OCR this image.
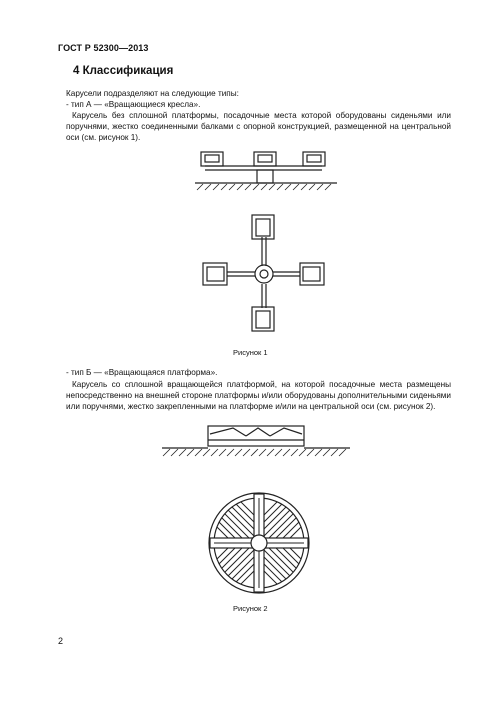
ГОСТ Р 52300—2013
4 Классификация
Карусели подразделяют на следующие типы:
- тип А — «Вращающиеся кресла».
Карусель без сплошной платформы, посадочные места которой оборудованы сиденьями или поручнями, жестко соединенными балками с опорной конструкцией, размещенной на центральной оси (см. рисунок 1).
Рисунок 1
- тип Б — «Вращающаяся платформа».
Карусель со сплошной вращающейся платформой, на которой посадочные места размещены непосредственно на внешней стороне платформы и/или оборудованы дополнительными сиденьями или поручнями, жестко закрепленными на платформе и/или на центральной оси (см. рисунок 2).
Рисунок 2
2
